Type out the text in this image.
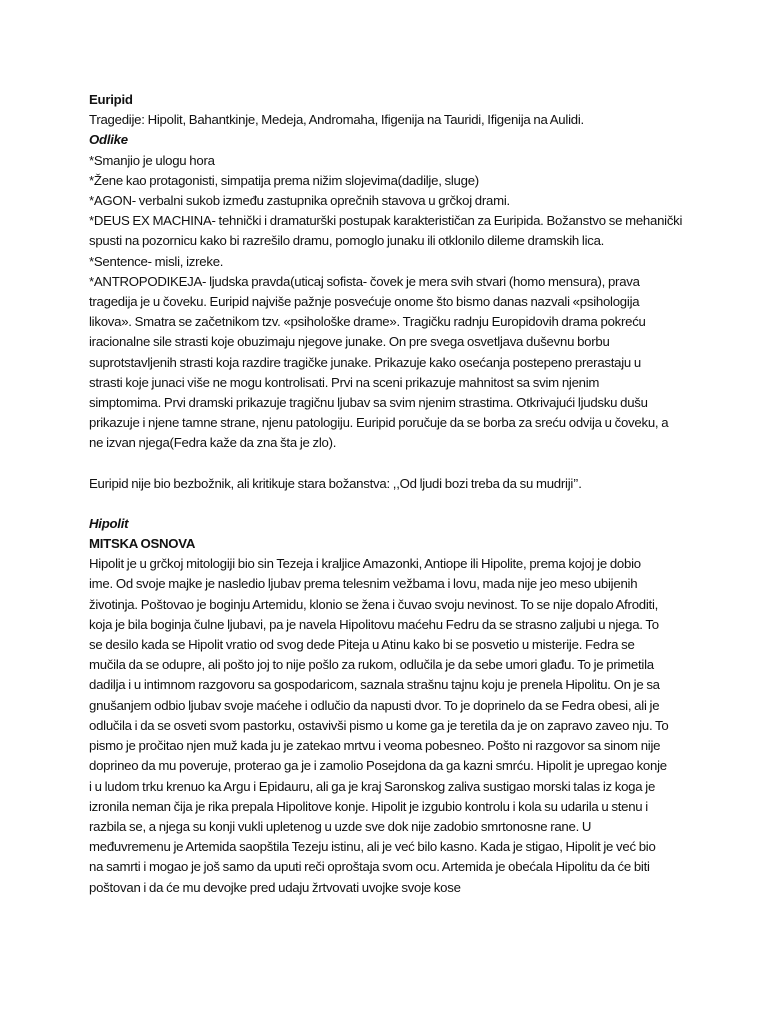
Euripid

Tragedije: Hipolit, Bahantkinje, Medeja, Andromaha, Ifigenija na Tauridi, Ifigenija na Aulidi.

Odlike

*Smanjio je ulogu hora

*Žene kao protagonisti, simpatija prema nižim slojevima(dadilje, sluge)

*AGON- verbalni sukob između zastupnika oprečnih stavova u grčkoj drami.

*DEUS EX MACHINA- tehnički i dramaturški postupak karakterističan za Euripida. Božanstvo se mehanički

spusti na pozornicu kako bi razrešilo dramu, pomoglo junaku ili otklonilo dileme dramskih lica.

*Sentence- misli, izreke.

*ANTROPODIKEJA- ljudska pravda(uticaj sofista- čovek je mera svih stvari (homo mensura), prava

tragedija je u čoveku. Euripid najviše pažnje posvećuje onome što bismo danas nazvali «psihologija

likova». Smatra se začetnikom tzv. «psihološke drame». Tragičku radnju Europidovih drama pokreću

iracionalne sile strasti koje obuzimaju njegove junake. On pre svega osvetljava duševnu borbu

suprotstavljenih strasti koja razdire tragičke junake. Prikazuje kako osećanja postepeno prerastaju u

strasti koje junaci više ne mogu kontrolisati. Prvi na sceni prikazuje mahnitost sa svim njenim

simptomima. Prvi dramski prikazuje tragičnu ljubav sa svim njenim strastima. Otkrivajući ljudsku dušu

prikazuje i njene tamne strane, njenu patologiju. Euripid poručuje da se borba za sreću odvija u čoveku, a

ne izvan njega(Fedra kaže da zna šta je zlo).

Euripid nije bio bezbožnik, ali kritikuje stara božanstva: ,,Od ljudi bozi treba da su mudriji’’.

Hipolit

MITSKA OSNOVA

Hipolit je u grčkoj mitologiji bio sin Tezeja i kraljice Amazonki, Antiope ili Hipolite, prema kojoj je dobio

ime. Od svoje majke je nasledio ljubav prema telesnim vežbama i lovu, mada nije jeo meso ubijenih

životinja. Poštovao je boginju Artemidu, klonio se žena i čuvao svoju nevinost. To se nije dopalo Afroditi,

koja je bila boginja čulne ljubavi, pa je navela Hipolitovu maćehu Fedru da se strasno zaljubi u njega. To

se desilo kada se Hipolit vratio od svog dede Piteja u Atinu kako bi se posvetio u misterije. Fedra se

mučila da se odupre, ali pošto joj to nije pošlo za rukom, odlučila je da sebe umori glađu. To je primetila

dadilja i u intimnom razgovoru sa gospodaricom, saznala strašnu tajnu koju je prenela Hipolitu. On je sa

gnušanjem odbio ljubav svoje maćehe i odlučio da napusti dvor. To je doprinelo da se Fedra obesi, ali je

odlučila i da se osveti svom pastorku, ostavivši pismo u kome ga je teretila da je on zapravo zaveo nju. To

pismo je pročitao njen muž kada ju je zatekao mrtvu i veoma pobesneo. Pošto ni razgovor sa sinom nije

doprineo da mu poveruje, proterao ga je i zamolio Posejdona da ga kazni smrću. Hipolit je upregao konje

i u ludom trku krenuo ka Argu i Epidauru, ali ga je kraj Saronskog zaliva sustigao morski talas iz koga je

izronila neman čija je rika prepala Hipolitove konje. Hipolit je izgubio kontrolu i kola su udarila u stenu i

razbila se, a njega su konji vukli upletenog u uzde sve dok nije zadobio smrtonosne rane. U

međuvremenu je Artemida saopštila Tezeju istinu, ali je već bilo kasno. Kada je stigao, Hipolit je već bio

na samrti i mogao je još samo da uputi reči oproštaja svom ocu. Artemida je obećala Hipolitu da će biti

poštovan i da će mu devojke pred udaju žrtvovati uvojke svoje kose
